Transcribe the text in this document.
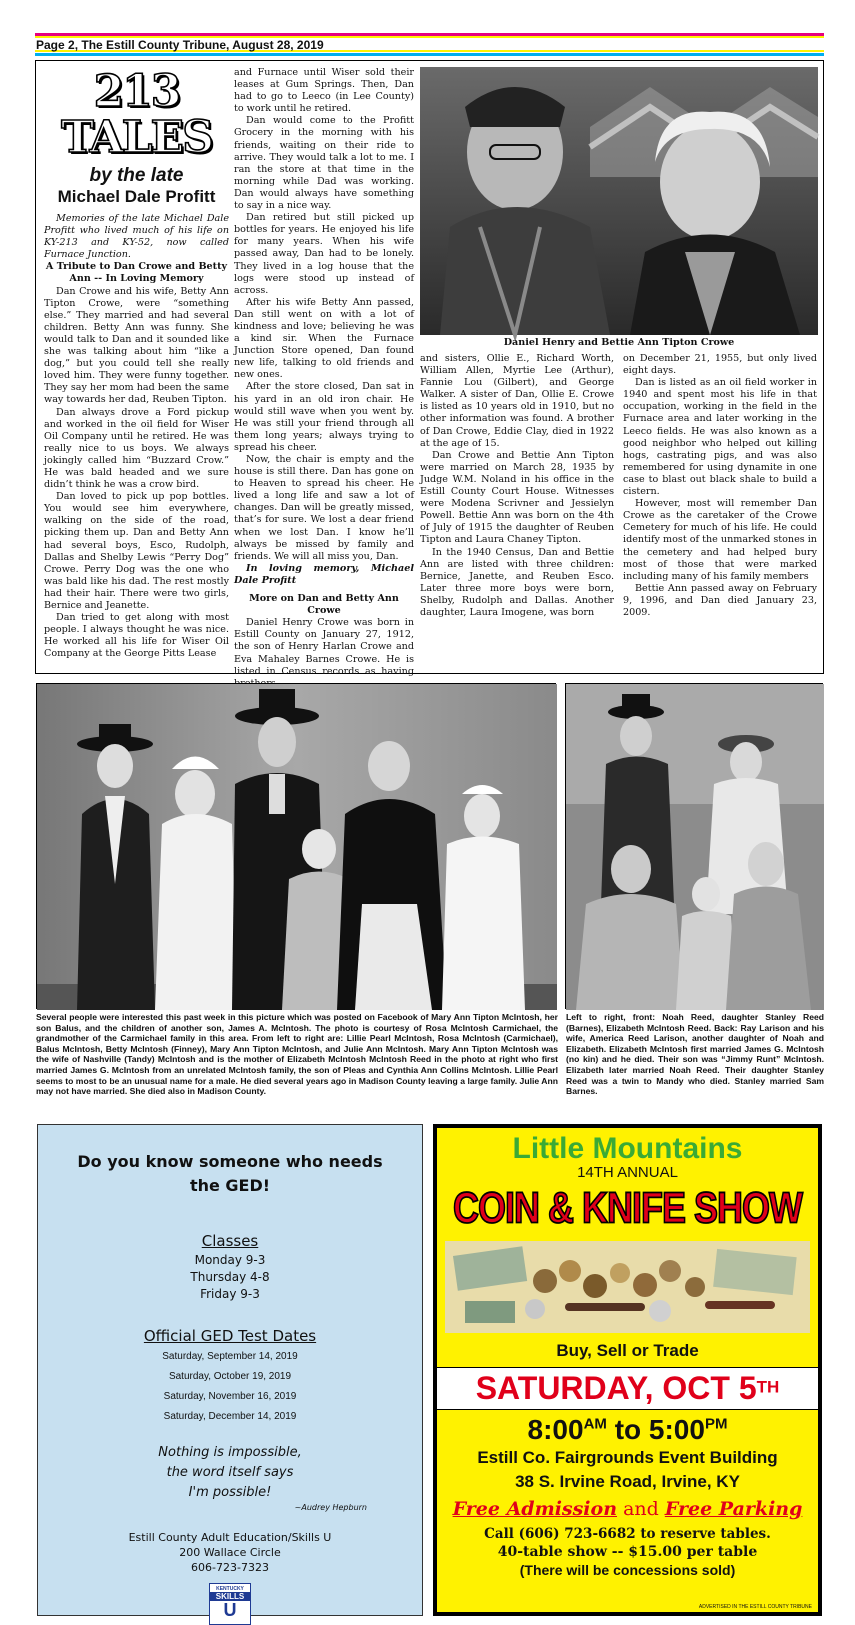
Page 2, The Estill County Tribune, August 28, 2019
213 TALES
by the late
Michael Dale Profitt

Memories of the late Michael Dale Profitt who lived much of his life on KY-213 and KY-52, now called Furnace Junction.

A Tribute to Dan Crowe and Betty Ann -- In Loving Memory

Dan Crowe and his wife, Betty Ann Tipton Crowe, were “something else.” They married and had several children. Betty Ann was funny. She would talk to Dan and it sounded like she was talking about him “like a dog,” but you could tell she really loved him. They were funny together. They say her mom had been the same way towards her dad, Reuben Tipton.

Dan always drove a Ford pickup and worked in the oil field for Wiser Oil Company until he retired. He was really nice to us boys. We always jokingly called him “Buzzard Crow.” He was bald headed and we sure didn’t think he was a crow bird.

Dan loved to pick up pop bottles. You would see him everywhere, walking on the side of the road, picking them up. Dan and Betty Ann had several boys, Esco, Rudolph, Dallas and Shelby Lewis “Perry Dog” Crowe. Perry Dog was the one who was bald like his dad. The rest mostly had their hair. There were two girls, Bernice and Jeanette.

Dan tried to get along with most people. I always thought he was nice. He worked all his life for Wiser Oil Company at the George Pitts Lease

and Furnace until Wiser sold their leases at Gum Springs. Then, Dan had to go to Leeco (in Lee County) to work until he retired.

Dan would come to the Profitt Grocery in the morning with his friends, waiting on their ride to arrive. They would talk a lot to me. I ran the store at that time in the morning while Dad was working. Dan would always have something to say in a nice way.

Dan retired but still picked up bottles for years. He enjoyed his life for many years. When his wife passed away, Dan had to be lonely. They lived in a log house that the logs were stood up instead of across.

After his wife Betty Ann passed, Dan still went on with a lot of kindness and love; believing he was a kind sir. When the Furnace Junction Store opened, Dan found new life, talking to old friends and new ones.

After the store closed, Dan sat in his yard in an old iron chair. He would still wave when you went by. He was still your friend through all them long years; always trying to spread his cheer.

Now, the chair is empty and the house is still there. Dan has gone on to Heaven to spread his cheer. He lived a long life and saw a lot of changes. Dan will be greatly missed, that’s for sure. We lost a dear friend when we lost Dan. I know he’ll always be missed by family and friends. We will all miss you, Dan.

In loving memory, Michael Dale Profitt

More on Dan and Betty Ann Crowe

Daniel Henry Crowe was born in Estill County on January 27, 1912, the son of Henry Harlan Crowe and Eva Mahaley Barnes Crowe. He is listed in Census records as having

Daniel Henry and Bettie Ann Tipton Crowe

and sisters, Ollie E., Richard Worth, William Allen, Myrtie Lee (Arthur), Fannie Lou (Gilbert), and George Walker. A sister of Dan, Ollie E. Crowe is listed as 10 years old in 1910, but no other information was found. A brother of Dan Crowe, Eddie Clay, died in 1922 at the age of 15.

Dan Crowe and Bettie Ann Tipton were married on March 28, 1935 by Judge W.M. Noland in his office in the Estill County Court House. Witnesses were Modena Scrivner and Jessielyn Powell. Bettie Ann was born on the 4th of July of 1915 the daughter of Reuben Tipton and Laura Chaney Tipton.

In the 1940 Census, Dan and Bettie Ann are listed with three children: Bernice, Janette, and Reuben Esco. Later three more boys were born, Shelby, Rudolph and Dallas. Another daughter, Laura Imogene, was born

on December 21, 1955, but only lived eight days.

Dan is listed as an oil field worker in 1940 and spent most his life in that occupation, working in the field in the Furnace area and later working in the Leeco fields. He was also known as a good neighbor who helped out killing hogs, castrating pigs, and was also remembered for using dynamite in one case to blast out black shale to build a cistern.

However, most will remember Dan Crowe as the caretaker of the Crowe Cemetery for much of his life. He could identify most of the unmarked stones in the cemetery and had helped bury most of those that were marked including many of his family members

Bettie Ann passed away on February 9, 1996, and Dan died January 23, 2009.

Several people were interested this past week in this picture which was posted on Facebook of Mary Ann Tipton McIntosh, her son Balus, and the children of another son, James A. McIntosh. The photo is courtesy of Rosa McIntosh Carmichael, the grandmother of the Carmichael family in this area. From left to right are: Lillie Pearl McIntosh, Rosa McIntosh (Carmichael), Balus McIntosh, Betty McIntosh (Finney), Mary Ann Tipton McIntosh, and Julie Ann McIntosh. Mary Ann Tipton McIntosh was the wife of Nashville (Tandy) McIntosh and is the mother of Elizabeth McIntosh McIntosh Reed in the photo at right who first married James G. McIntosh from an unrelated McIntosh family, the son of Pleas and Cynthia Ann Collins McIntosh. Lillie Pearl seems to most to be an unusual name for a male. He died several years ago in Madison County leaving a large family. Julie Ann may not have married. She died also in Madison County.
Left to right, front: Noah Reed, daughter Stanley Reed (Barnes), Elizabeth McIntosh Reed. Back: Ray Larison and his wife, America Reed Larison, another daughter of Noah and Elizabeth. Elizabeth McIntosh first married James G. McIntosh (no kin) and he died. Their son was “Jimmy Runt” McIntosh. Elizabeth later married Noah Reed. Their daughter Stanley Reed was a twin to Mandy who died. Stanley married Sam Barnes.
Do you know someone who needs the GED!
Classes
Monday 9-3
Thursday 4-8
Friday 9-3
Official GED Test Dates
Saturday, September 14, 2019
Saturday, October 19, 2019
Saturday, November 16, 2019
Saturday, December 14, 2019
Nothing is impossible,
the word itself says
I'm possible!
~Audrey Hepburn
Estill County Adult Education/Skills U
200 Wallace Circle
606-723-7323
KENTUCKY
SKILLS
U
Little Mountains
14TH ANNUAL
COIN & KNIFE SHOW
Buy, Sell or Trade
SATURDAY, OCT 5TH
$8:00^{AM}$ to $5:00^{PM}$
Estill Co. Fairgrounds Event Building
38 S. Irvine Road, Irvine, KY
Free Admission and Free Parking
Call (606) 723-6682 to reserve tables.
40-table show -- $15.00 per table
(There will be concessions sold)
ADVERTISED IN THE ESTILL COUNTY TRIBUNE
